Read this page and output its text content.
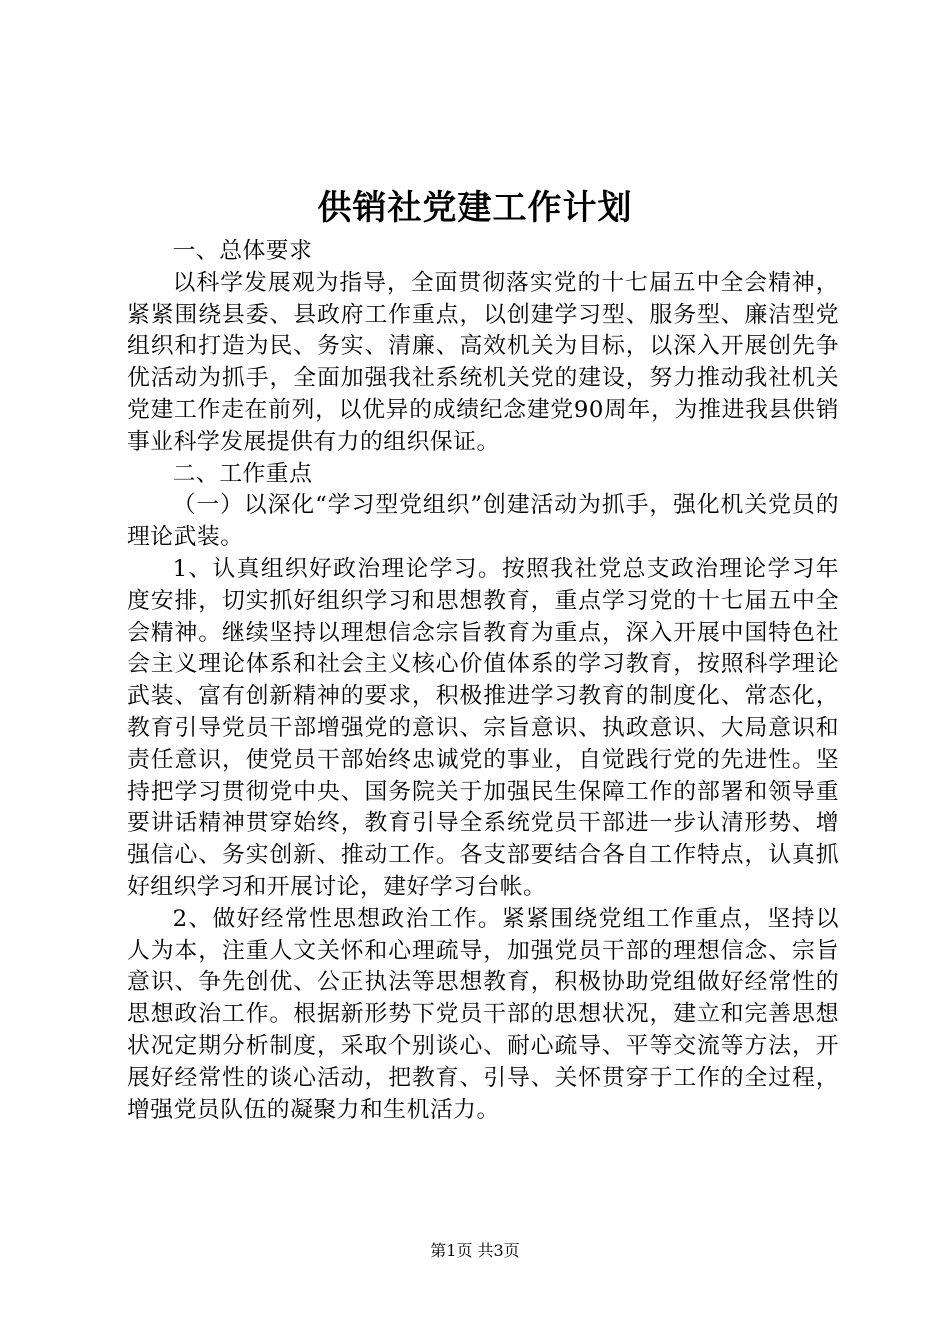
供销社党建工作计划

一、总体要求

以科学发展观为指导，全面贯彻落实党的十七届五中全会精神，紧紧围绕县委、县政府工作重点，以创建学习型、服务型、廉洁型党组织和打造为民、务实、清廉、高效机关为目标，以深入开展创先争优活动为抓手，全面加强我社系统机关党的建设，努力推动我社机关党建工作走在前列，以优异的成绩纪念建党90周年，为推进我县供销事业科学发展提供有力的组织保证。

二、工作重点

（一）以深化“学习型党组织”创建活动为抓手，强化机关党员的理论武装。

1、认真组织好政治理论学习。按照我社党总支政治理论学习年度安排，切实抓好组织学习和思想教育，重点学习党的十七届五中全会精神。继续坚持以理想信念宗旨教育为重点，深入开展中国特色社会主义理论体系和社会主义核心价值体系的学习教育，按照科学理论武装、富有创新精神的要求，积极推进学习教育的制度化、常态化，教育引导党员干部增强党的意识、宗旨意识、执政意识、大局意识和责任意识，使党员干部始终忠诚党的事业，自觉践行党的先进性。坚持把学习贯彻党中央、国务院关于加强民生保障工作的部署和领导重要讲话精神贯穿始终，教育引导全系统党员干部进一步认清形势、增强信心、务实创新、推动工作。各支部要结合各自工作特点，认真抓好组织学习和开展讨论，建好学习台帐。

2、做好经常性思想政治工作。紧紧围绕党组工作重点，坚持以人为本，注重人文关怀和心理疏导，加强党员干部的理想信念、宗旨意识、争先创优、公正执法等思想教育，积极协助党组做好经常性的思想政治工作。根据新形势下党员干部的思想状况，建立和完善思想状况定期分析制度，采取个别谈心、耐心疏导、平等交流等方法，开展好经常性的谈心活动，把教育、引导、关怀贯穿于工作的全过程，增强党员队伍的凝聚力和生机活力。

第1页 共3页
